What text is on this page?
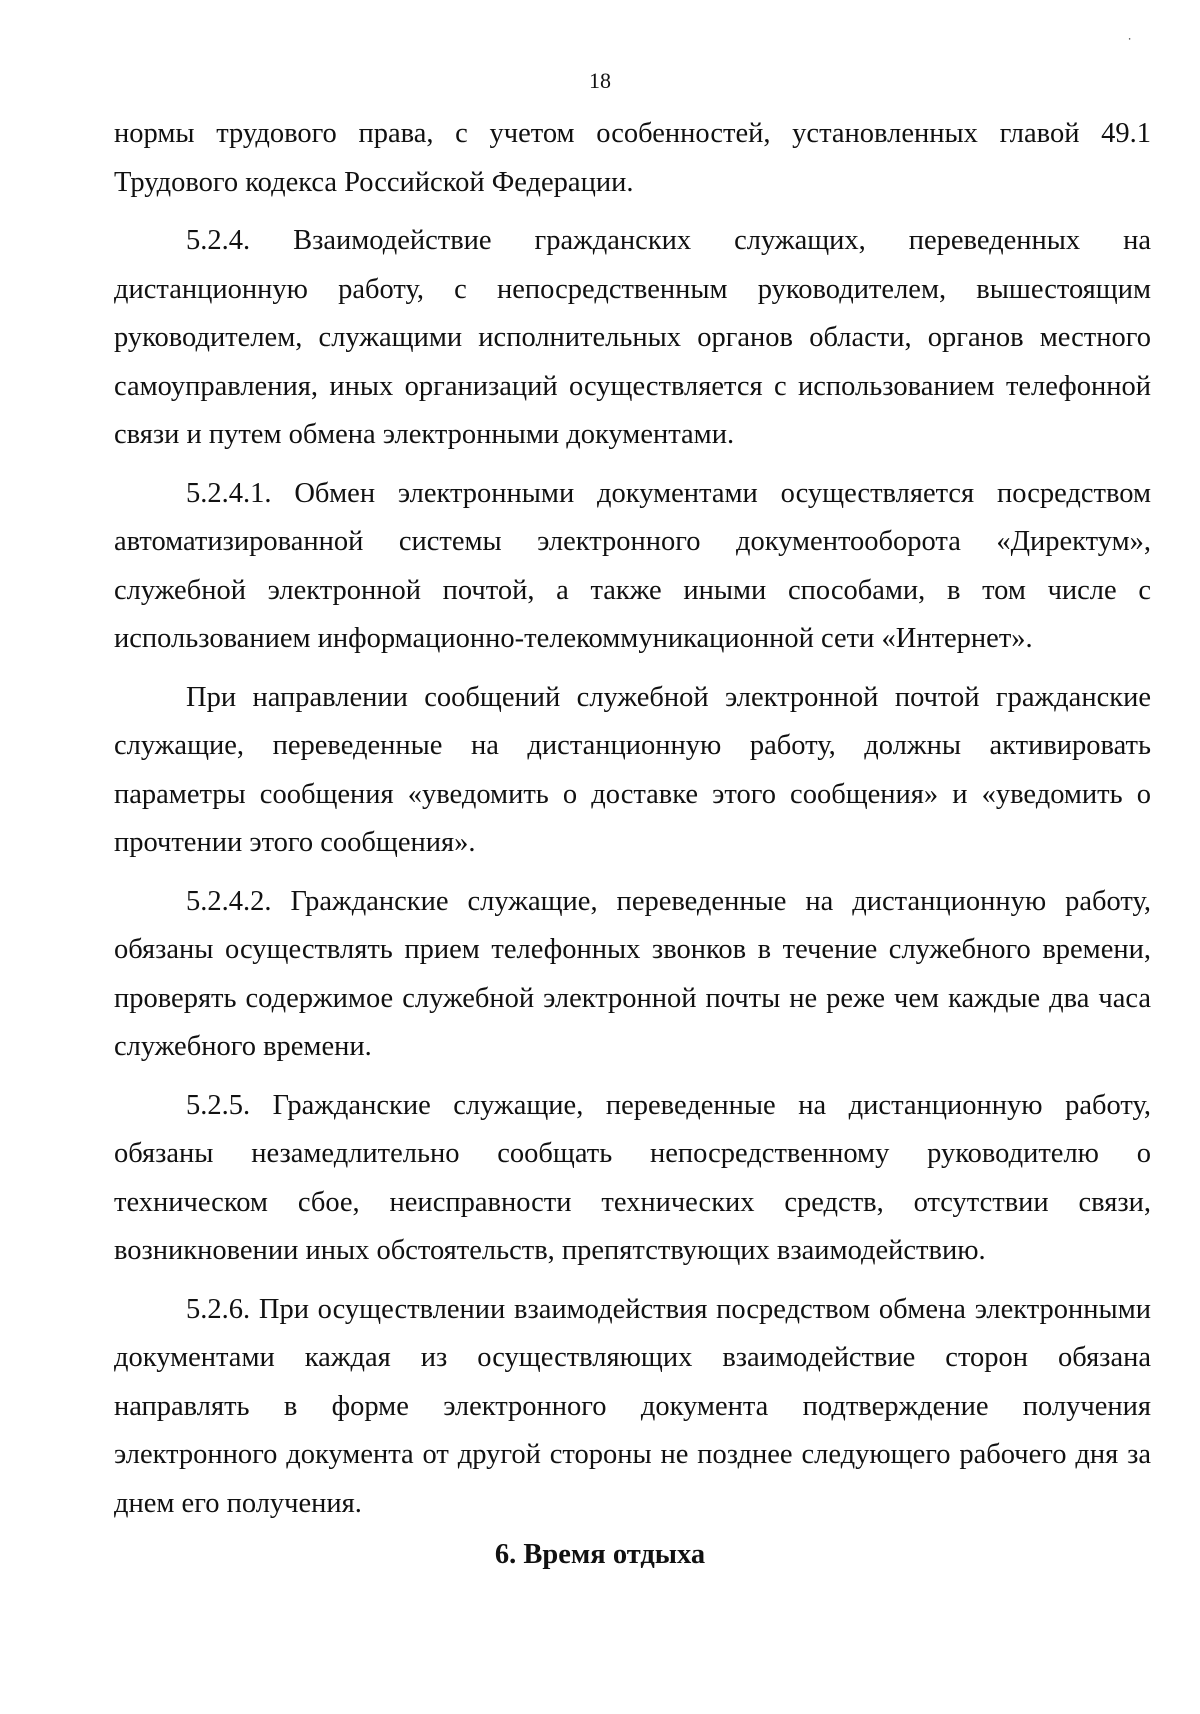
⸱
18

нормы трудового права, с учетом особенностей, установленных главой 49.1 Трудового кодекса Российской Федерации.

5.2.4. Взаимодействие гражданских служащих, переведенных на дистанционную работу, с непосредственным руководителем, вышестоящим руководителем, служащими исполнительных органов области, органов местного самоуправления, иных организаций осуществляется с использованием телефонной связи и путем обмена электронными документами.

5.2.4.1. Обмен электронными документами осуществляется посредством автоматизированной системы электронного документооборота «Директум», служебной электронной почтой, а также иными способами, в том числе с использованием информационно-телекоммуникационной сети «Интернет».

При направлении сообщений служебной электронной почтой гражданские служащие, переведенные на дистанционную работу, должны активировать параметры сообщения «уведомить о доставке этого сообщения» и «уведомить о прочтении этого сообщения».

5.2.4.2. Гражданские служащие, переведенные на дистанционную работу, обязаны осуществлять прием телефонных звонков в течение служебного времени, проверять содержимое служебной электронной почты не реже чем каждые два часа служебного времени.

5.2.5. Гражданские служащие, переведенные на дистанционную работу, обязаны незамедлительно сообщать непосредственному руководителю о техническом сбое, неисправности технических средств, отсутствии связи, возникновении иных обстоятельств, препятствующих взаимодействию.

5.2.6. При осуществлении взаимодействия посредством обмена электронными документами каждая из осуществляющих взаимодействие сторон обязана направлять в форме электронного документа подтверждение получения электронного документа от другой стороны не позднее следующего рабочего дня за днем его получения.

6. Время отдыха
